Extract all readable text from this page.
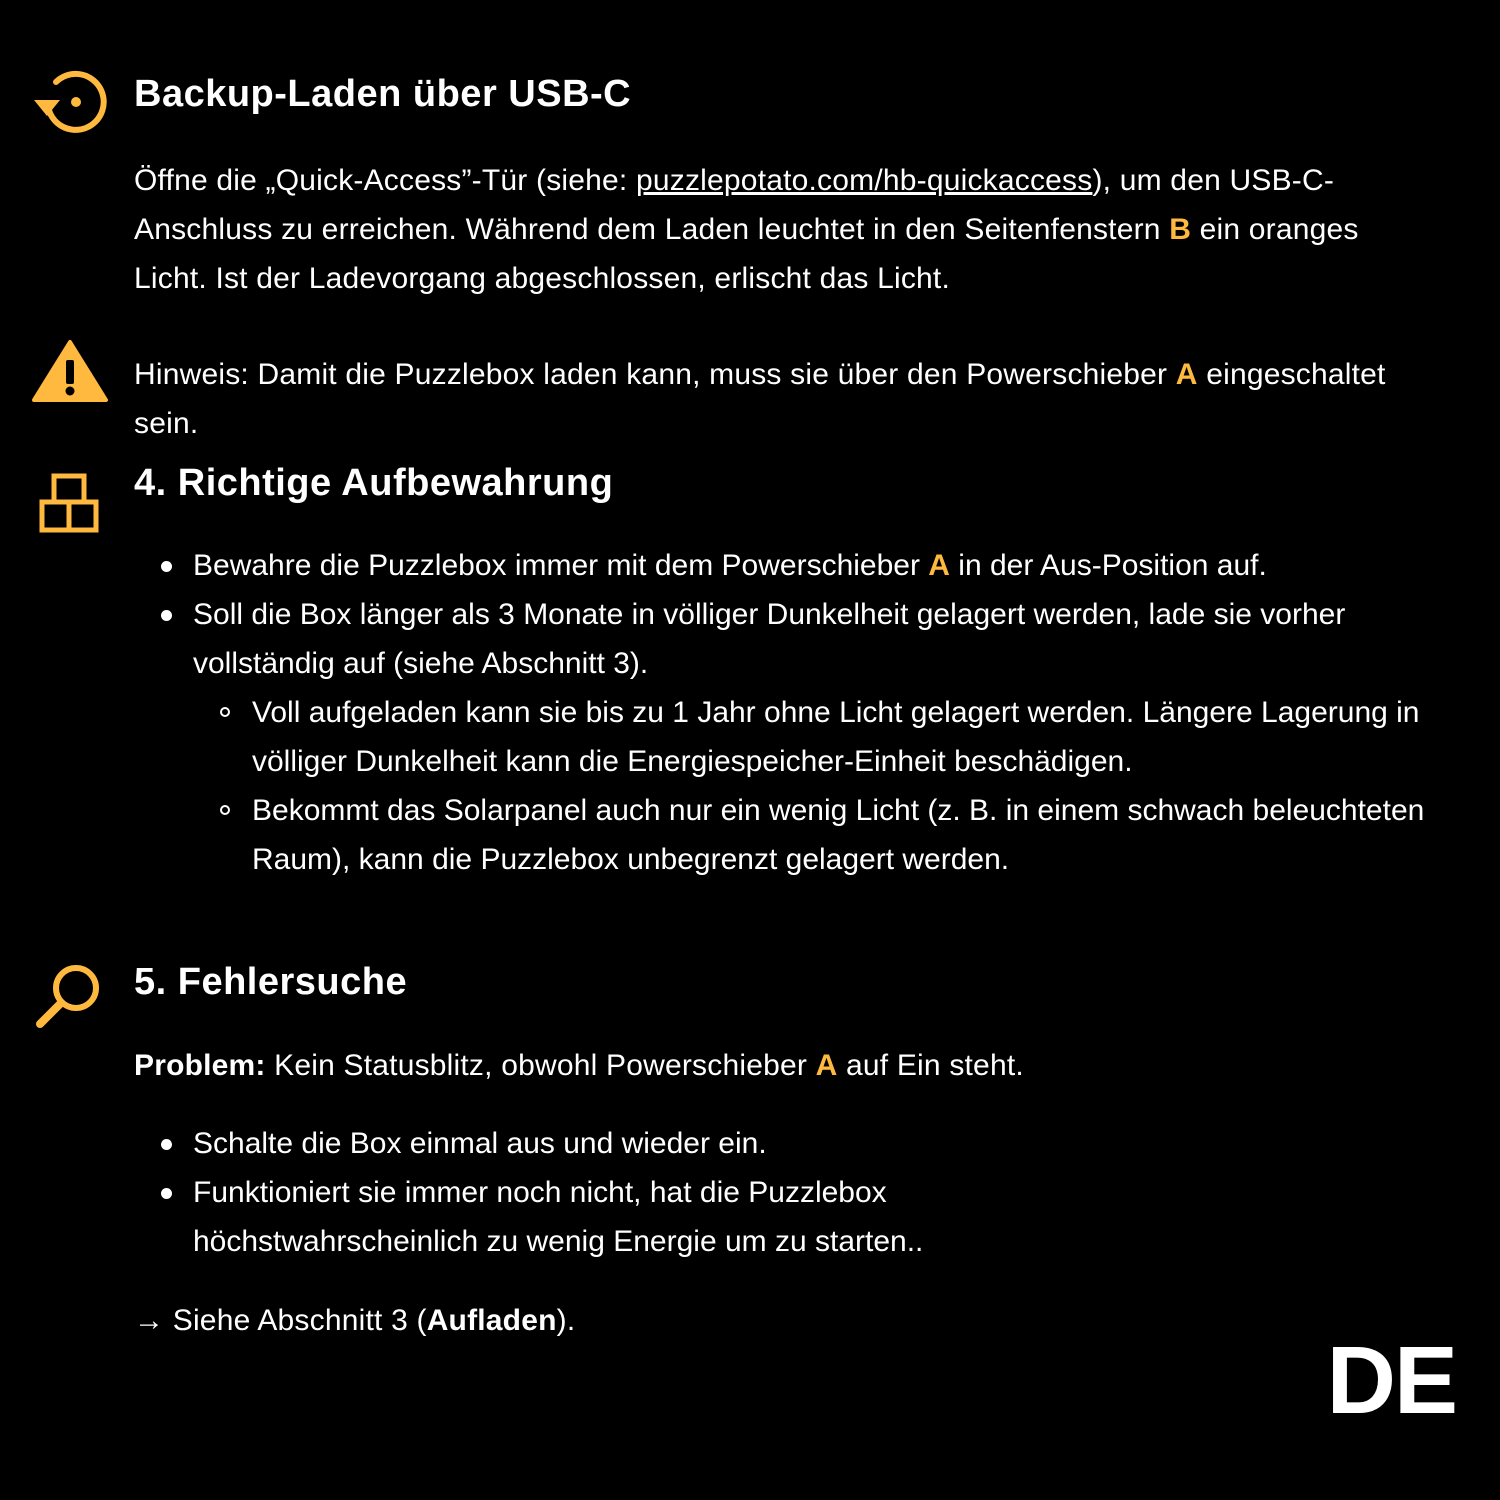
Backup-Laden über USB-C

Öffne die „Quick-Access”-Tür (siehe: puzzlepotato.com/hb-quickaccess), um den USB-C-Anschluss zu erreichen. Während dem Laden leuchtet in den Seitenfenstern B ein oranges Licht. Ist der Ladevorgang abgeschlossen, erlischt das Licht.

Hinweis: Damit die Puzzlebox laden kann, muss sie über den Powerschieber A eingeschaltet sein.

4. Richtige Aufbewahrung
Bewahre die Puzzlebox immer mit dem Powerschieber A in der Aus-Position auf.
Soll die Box länger als 3 Monate in völliger Dunkelheit gelagert werden, lade sie vorher vollständig auf (siehe Abschnitt 3).
Voll aufgeladen kann sie bis zu 1 Jahr ohne Licht gelagert werden. Längere Lagerung in völliger Dunkelheit kann die Energiespeicher-Einheit beschädigen.
Bekommt das Solarpanel auch nur ein wenig Licht (z. B. in einem schwach beleuchteten Raum), kann die Puzzlebox unbegrenzt gelagert werden.
5. Fehlersuche

Problem: Kein Statusblitz, obwohl Powerschieber A auf Ein steht.

Schalte die Box einmal aus und wieder ein.
Funktioniert sie immer noch nicht, hat die Puzzlebox
höchstwahrscheinlich zu wenig Energie um zu starten..

→ Siehe Abschnitt 3 (Aufladen).

DE
